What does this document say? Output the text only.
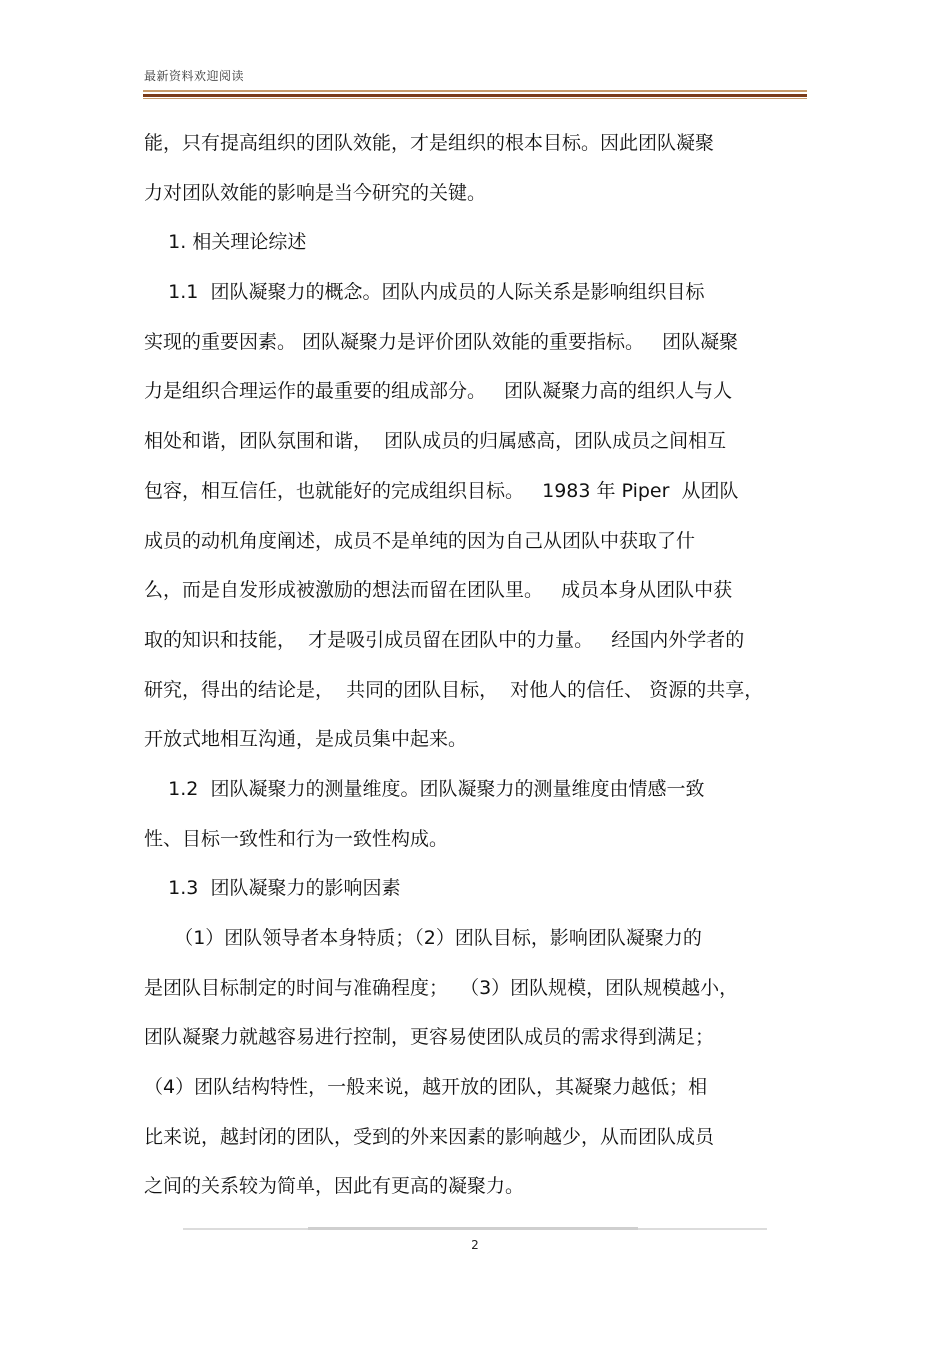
最新资料欢迎阅读
能，只有提高组织的团队效能，才是组织的根本目标。因此团队凝聚
力对团队效能的影响是当今研究的关键。
1. 相关理论综述
1.1  团队凝聚力的概念。团队内成员的人际关系是影响组织目标
实现的重要因素。 团队凝聚力是评价团队效能的重要指标。   团队凝聚
力是组织合理运作的最重要的组成部分。   团队凝聚力高的组织人与人
相处和谐，团队氛围和谐，  团队成员的归属感高，团队成员之间相互
包容，相互信任，也就能好的完成组织目标。   1983 年 Piper  从团队
成员的动机角度阐述，成员不是单纯的因为自己从团队中获取了什
么，而是自发形成被激励的想法而留在团队里。   成员本身从团队中获
取的知识和技能，  才是吸引成员留在团队中的力量。   经国内外学者的
研究，得出的结论是，  共同的团队目标，  对他人的信任、 资源的共享，
开放式地相互沟通，是成员集中起来。
1.2  团队凝聚力的测量维度。团队凝聚力的测量维度由情感一致
性、目标一致性和行为一致性构成。
1.3  团队凝聚力的影响因素
（1）团队领导者本身特质；（2）团队目标，影响团队凝聚力的
是团队目标制定的时间与准确程度；  （3）团队规模，团队规模越小，
团队凝聚力就越容易进行控制，更容易使团队成员的需求得到满足；
（4）团队结构特性，一般来说，越开放的团队，其凝聚力越低；相
比来说，越封闭的团队，受到的外来因素的影响越少，从而团队成员
之间的关系较为简单，因此有更高的凝聚力。
2
